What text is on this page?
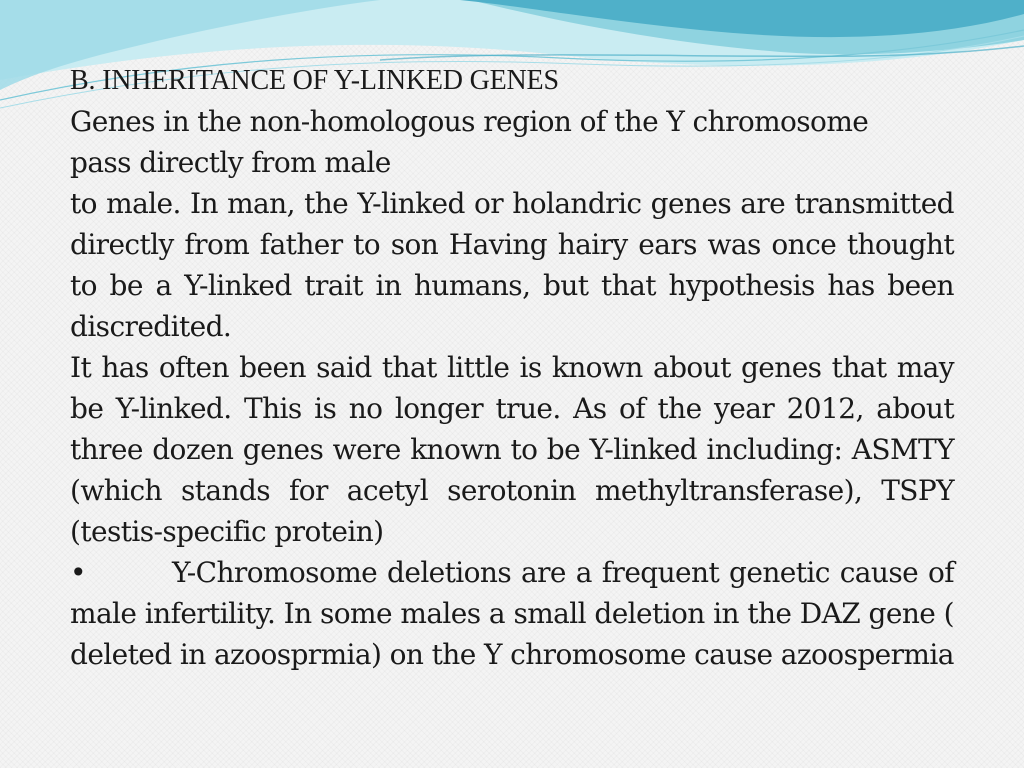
B. INHERITANCE OF Y-LINKED GENES

Genes in the non-homologous region of the Y chromosome

pass directly from male

to male. In man, the Y-linked or holandric genes are transmitted directly from father to son Having hairy ears was once thought to be a Y-linked trait in humans, but that hypothesis has been discredited.

It has often been said that little is known about genes that may be Y-linked. This is no longer true. As of the year 2012, about three dozen genes were known to be Y-linked including: ASMTY (which stands for acetyl serotonin methyltransferase), TSPY (testis-specific protein)

•	Y-Chromosome deletions are a frequent genetic cause of male infertility. In some males a small deletion in the DAZ gene ( deleted in azoosprmia) on the Y chromosome cause azoospermia
